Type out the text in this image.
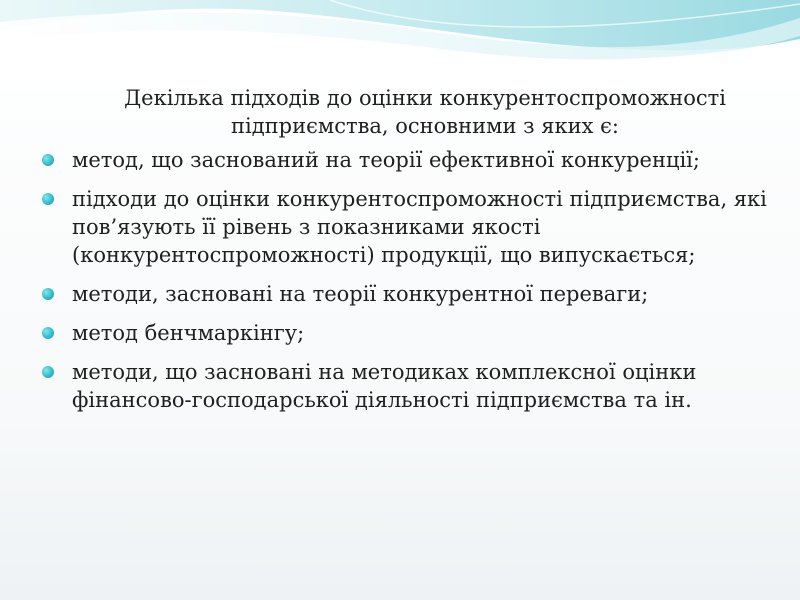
Декілька підходів до оцінки конкурентоспроможності підприємства, основними з яких є:

метод, що заснований на теорії ефективної конкуренції;
підходи до оцінки конкурентоспроможності підприємства, які пов’язують її рівень з показниками якості (конкурентоспроможності) продукції, що випускається;
методи, засновані на теорії конкурентної переваги;
метод бенчмаркінгу;
методи, що засновані на методиках комплексної оцінки фінансово-господарської діяльності підприємства та ін.
